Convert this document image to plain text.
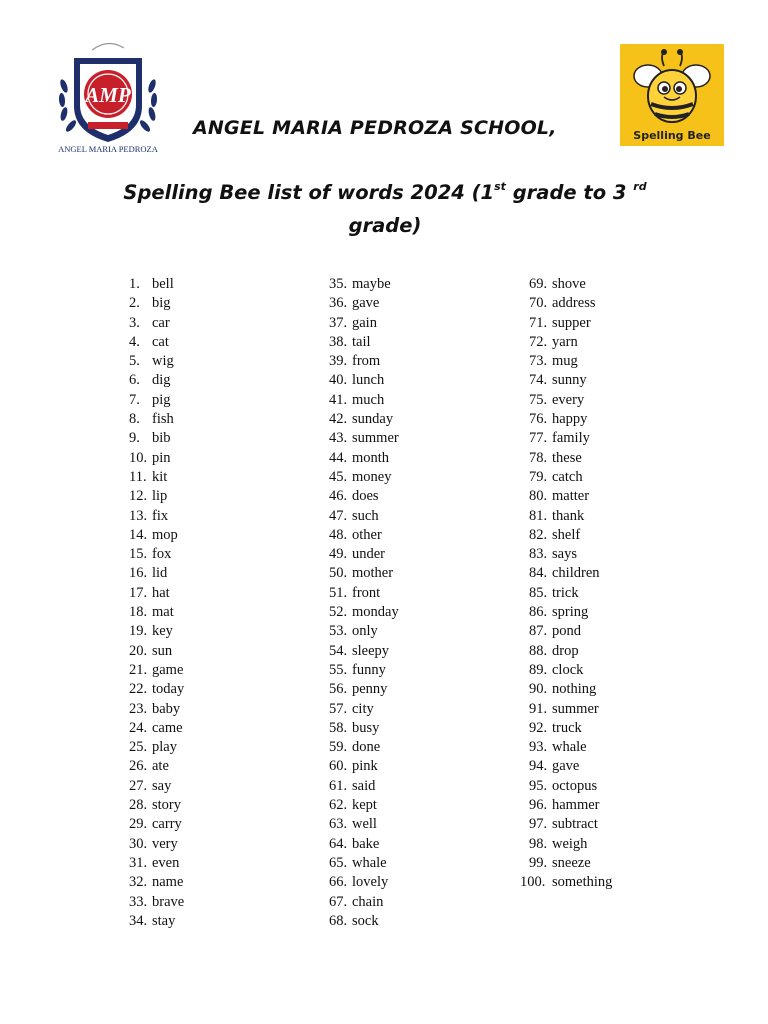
AMP
ANGEL MARIA PEDROZA
Spelling Bee
ANGEL MARIA PEDROZA SCHOOL,
Spelling Bee list of words 2024 (1st grade to 3 $^{rd}$
grade)
1. bell
2. big
3. car
4. cat
5. wig
6. dig
7. pig
8. fish
9. bib
10. pin
11. kit
12. lip
13. fix
14. mop
15. fox
16. lid
17. hat
18. mat
19. key
20. sun
21. game
22. today
23. baby
24. came
25. play
26. ate
27. say
28. story
29. carry
30. very
31. even
32. name
33. brave
34. stay
35. maybe
36. gave
37. gain
38. tail
39. from
40. lunch
41. much
42. sunday
43. summer
44. month
45. money
46. does
47. such
48. other
49. under
50. mother
51. front
52. monday
53. only
54. sleepy
55. funny
56. penny
57. city
58. busy
59. done
60. pink
61. said
62. kept
63. well
64. bake
65. whale
66. lovely
67. chain
68. sock
69. shove
70. address
71. supper
72. yarn
73. mug
74. sunny
75. every
76. happy
77. family
78. these
79. catch
80. matter
81. thank
82. shelf
83. says
84. children
85. trick
86. spring
87. pond
88. drop
89. clock
90. nothing
91. summer
92. truck
93. whale
94. gave
95. octopus
96. hammer
97. subtract
98. weigh
99. sneeze
100. something
